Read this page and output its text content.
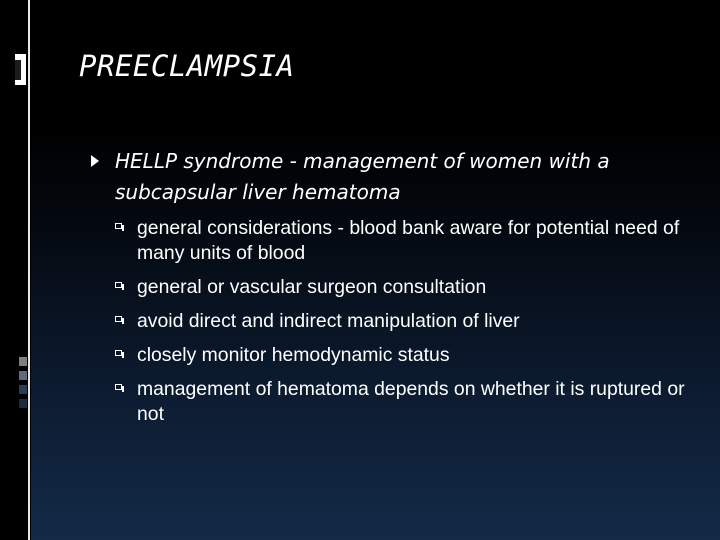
PREECLAMPSIA
HELLP syndrome - management of women with a subcapsular liver hematoma
general considerations - blood bank aware for potential need of many units of blood
general or vascular surgeon consultation
avoid direct and indirect manipulation of liver
closely monitor hemodynamic status
management of hematoma depends on whether it is ruptured or not
